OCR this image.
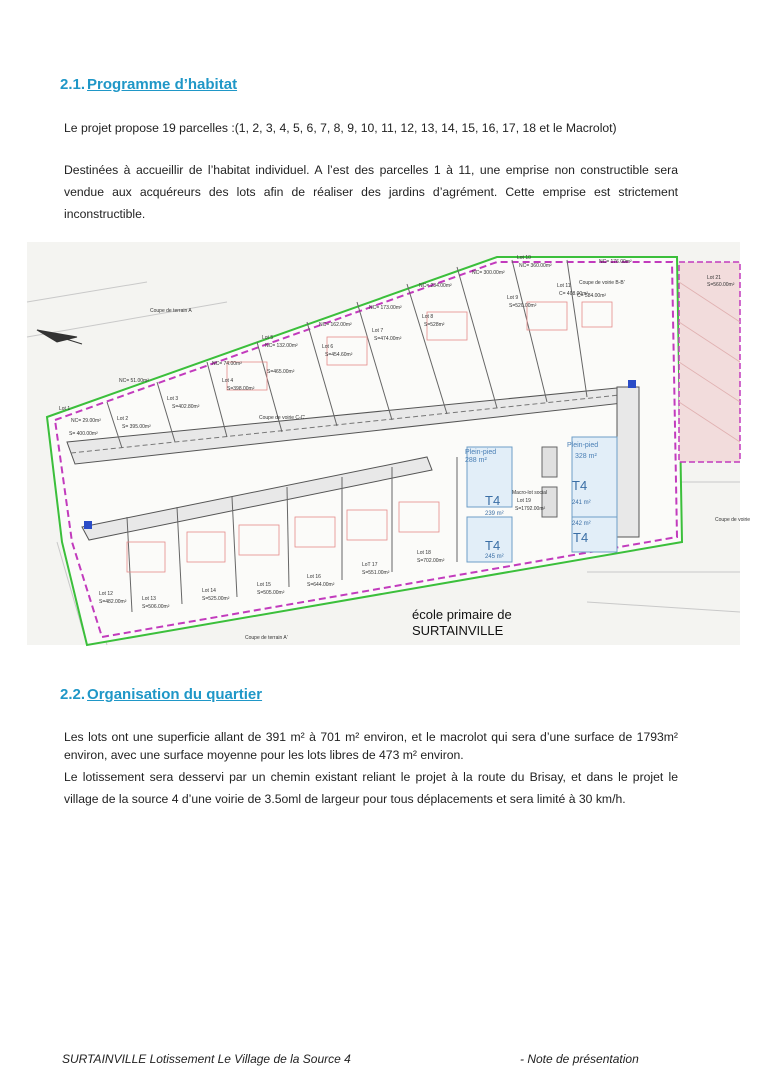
2.1. Programme d’habitat
Le projet propose 19 parcelles :(1, 2, 3, 4, 5, 6, 7, 8, 9, 10, 11, 12, 13, 14, 15, 16, 17, 18 et le Macrolot)
Destinées à accueillir de l’habitat individuel. A l’est des parcelles 1 à 11, une emprise non constructible sera vendue aux acquéreurs des lots afin de réaliser des jardins d’agrément. Cette emprise est strictement inconstructible.
Lot 1
S= 400.00m²
Lot 2
S= 395.00m²
Lot 3
S=402.80m²
Lot 4
S=398.00m²
Lot 5
S=465.00m²
Lot 6
S=454.60m²
Lot 7
S=474.00m²
Lot 8
S=528m²
Lot 9
S=520.00m²
Lot 10
NC= 360.00m²
Lot 11
C= 408.00m²
Lot 21
S=560.00m²
NC= 29.00m²
NC= 51.00m²
NC= 74.00m²
NC= 132.00m²
NC= 162.00m²
NC= 173.00m²
NC= 234.00m²
NC= 300.00m²
NC= 176.00m²
C= 584.00m²
Lot 12
S=482.00m²	Lot 13
S=506.00m²
Lot 14
S=525.00m²
Lot 15
S=505.00m²
Lot 16
S=644.00m²
LoT 17
S=551.00m²
Lot 18
S=702.00m²
Macro-lot social
Lot 19
S=1792.00m²
Coupe de terrain A
Coupe de voirie C-C'
Coupe de voirie B-B'
Coupe de terrain A'
Coupe de voirie
Plein-pied
288 m²
Plein-pied
328 m²
T4
239 m²
T4
245 m²
T4
241 m²
T4
242 m²
école primaire de
SURTAINVILLE
2.2. Organisation du quartier
Les lots ont une superficie allant de 391 m² à 701 m² environ, et le macrolot qui sera d’une surface de 1793m² environ, avec une surface moyenne pour les lots libres de 473 m² environ.
Le lotissement sera desservi par un chemin existant reliant le projet à la route du Brisay, et dans le projet le village de la source 4 d’une voirie de 3.5oml de largeur pour tous déplacements et sera limité à 30 km/h.
SURTAINVILLE Lotissement Le Village de la Source 4	- Note de présentation
